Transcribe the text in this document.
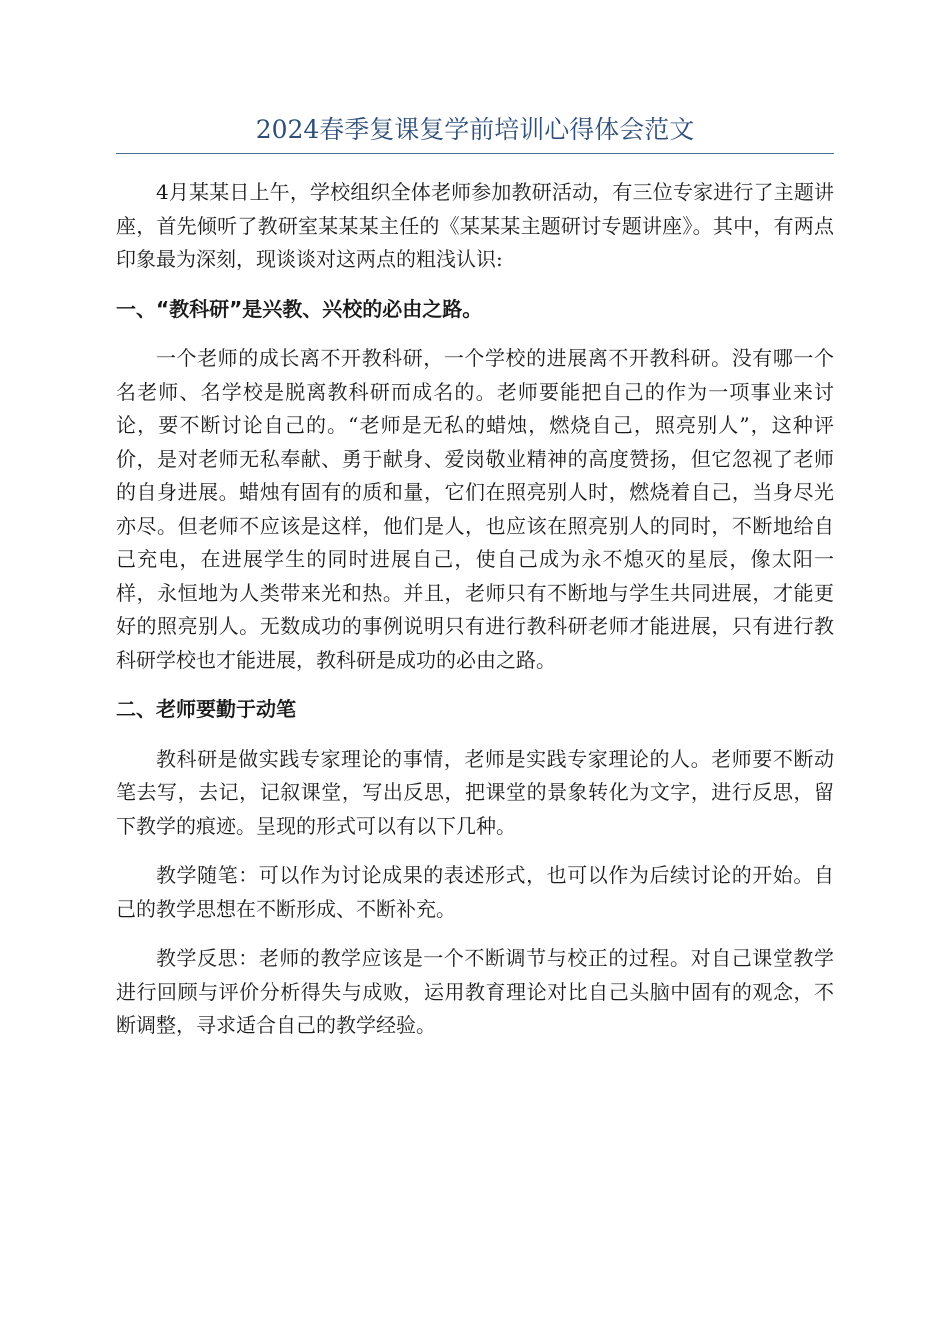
2024春季复课复学前培训心得体会范文

4月某某日上午，学校组织全体老师参加教研活动，有三位专家进行了主题讲座，首先倾听了教研室某某某主任的《某某某主题研讨专题讲座》。其中，有两点印象最为深刻，现谈谈对这两点的粗浅认识:

一、“教科研”是兴教、兴校的必由之路。

一个老师的成长离不开教科研，一个学校的进展离不开教科研。没有哪一个名老师、名学校是脱离教科研而成名的。老师要能把自己的作为一项事业来讨论，要不断讨论自己的。“老师是无私的蜡烛，燃烧自己，照亮别人”，这种评价，是对老师无私奉献、勇于献身、爱岗敬业精神的高度赞扬，但它忽视了老师的自身进展。蜡烛有固有的质和量，它们在照亮别人时，燃烧着自己，当身尽光亦尽。但老师不应该是这样，他们是人，也应该在照亮别人的同时，不断地给自己充电，在进展学生的同时进展自己，使自己成为永不熄灭的星辰，像太阳一样，永恒地为人类带来光和热。并且，老师只有不断地与学生共同进展，才能更好的照亮别人。无数成功的事例说明只有进行教科研老师才能进展，只有进行教科研学校也才能进展，教科研是成功的必由之路。

二、老师要勤于动笔

教科研是做实践专家理论的事情，老师是实践专家理论的人。老师要不断动笔去写，去记，记叙课堂，写出反思，把课堂的景象转化为文字，进行反思，留下教学的痕迹。呈现的形式可以有以下几种。

教学随笔：可以作为讨论成果的表述形式，也可以作为后续讨论的开始。自己的教学思想在不断形成、不断补充。

教学反思：老师的教学应该是一个不断调节与校正的过程。对自己课堂教学进行回顾与评价分析得失与成败，运用教育理论对比自己头脑中固有的观念，不断调整，寻求适合自己的教学经验。
